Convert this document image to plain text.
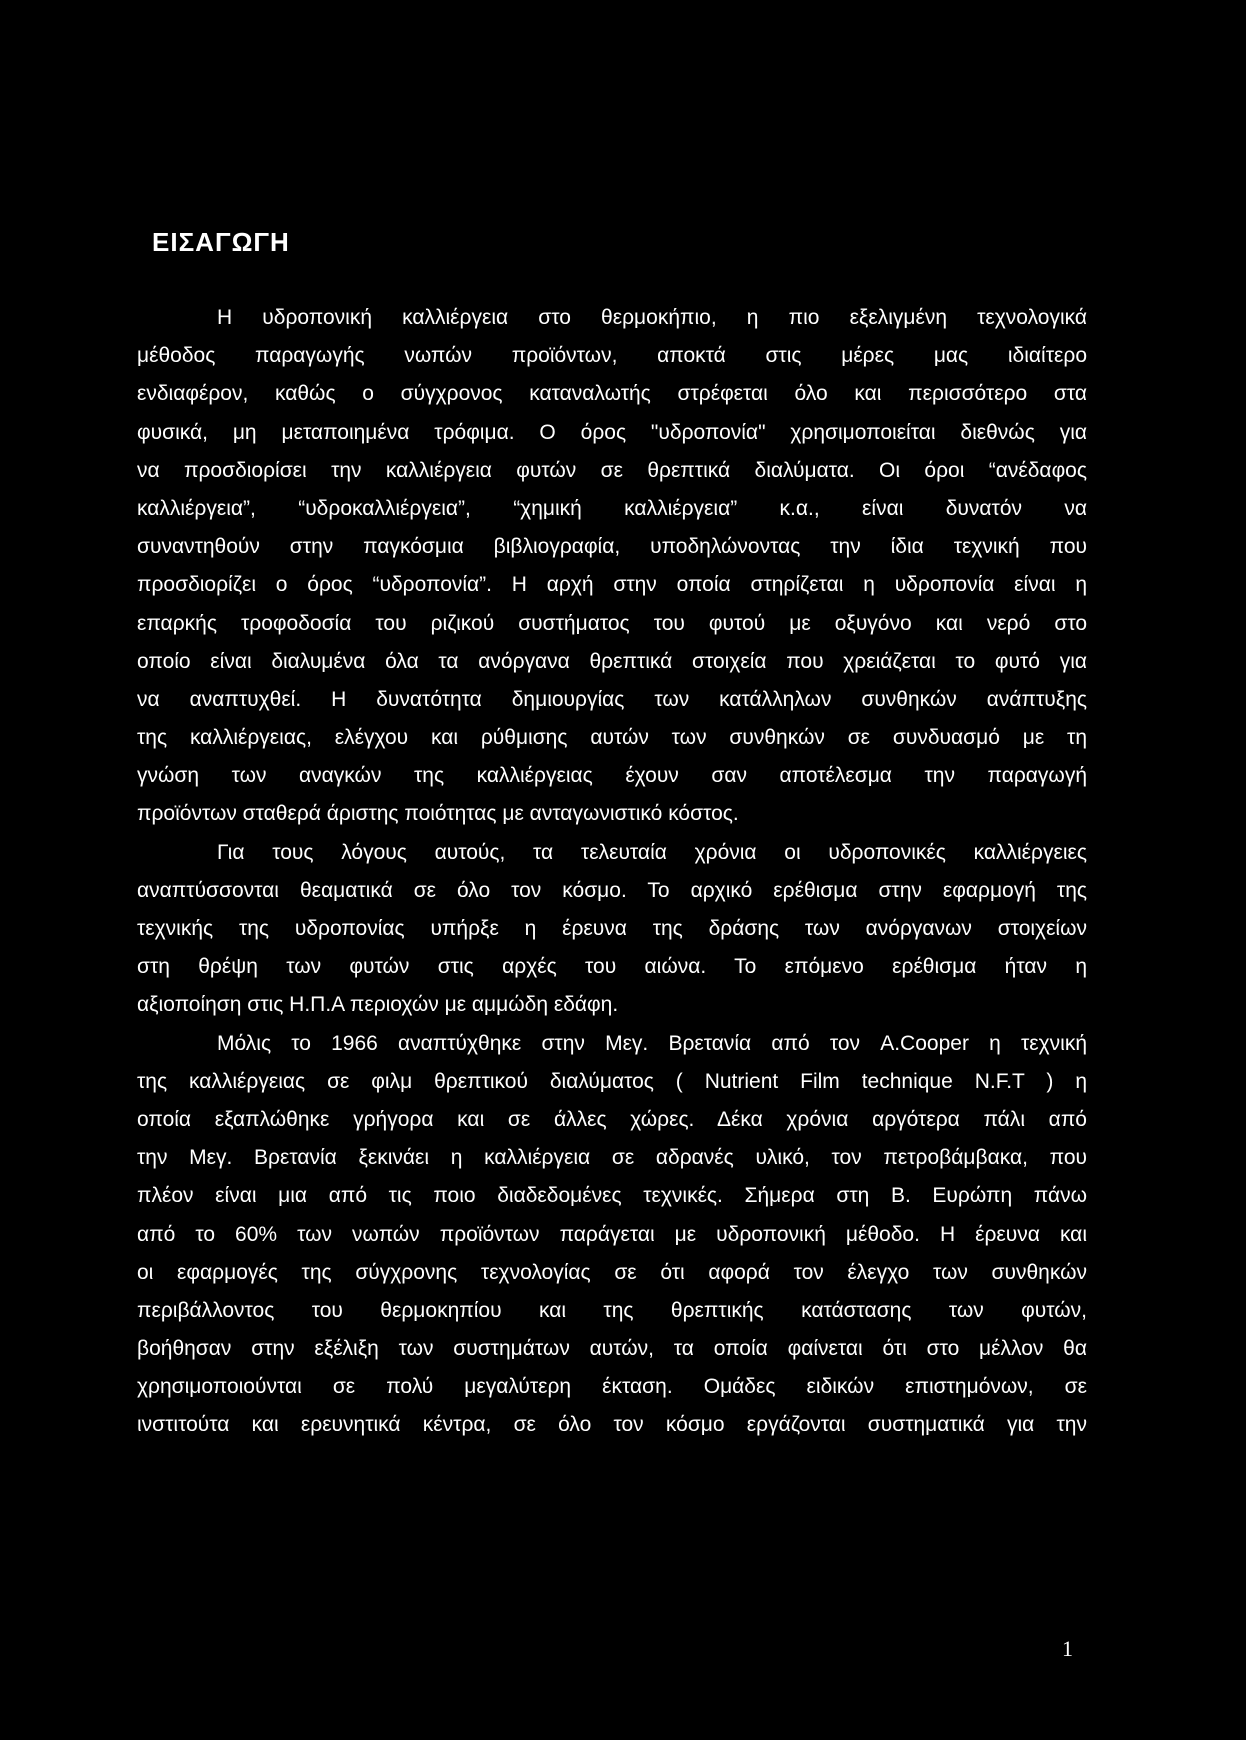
ΕΙΣΑΓΩΓΗ
Η υδροπονική καλλιέργεια στο θερμοκήπιο, η πιο εξελιγμένη τεχνολογικά
μέθοδος παραγωγής νωπών προϊόντων, αποκτά στις μέρες μας ιδιαίτερο
ενδιαφέρον, καθώς ο σύγχρονος καταναλωτής στρέφεται όλο και περισσότερο στα
φυσικά, μη μεταποιημένα τρόφιμα. Ο όρος "υδροπονία" χρησιμοποιείται διεθνώς για
να προσδιορίσει την καλλιέργεια φυτών σε θρεπτικά διαλύματα. Οι όροι “ανέδαφος
καλλιέργεια”, “υδροκαλλιέργεια”, “χημική καλλιέργεια” κ.α., είναι δυνατόν να
συναντηθούν στην παγκόσμια βιβλιογραφία, υποδηλώνοντας την ίδια τεχνική που
προσδιορίζει ο όρος “υδροπονία”. Η αρχή στην οποία στηρίζεται η υδροπονία είναι η
επαρκής τροφοδοσία του ριζικού συστήματος του φυτού με οξυγόνο και νερό στο
οποίο είναι διαλυμένα όλα τα ανόργανα θρεπτικά στοιχεία που χρειάζεται το φυτό για
να αναπτυχθεί. Η δυνατότητα δημιουργίας των κατάλληλων συνθηκών ανάπτυξης
της καλλιέργειας, ελέγχου και ρύθμισης αυτών των συνθηκών σε συνδυασμό με τη
γνώση των αναγκών της καλλιέργειας έχουν σαν αποτέλεσμα την παραγωγή
προϊόντων σταθερά άριστης ποιότητας με ανταγωνιστικό κόστος.
Για τους λόγους αυτούς, τα τελευταία χρόνια οι υδροπονικές καλλιέργειες
αναπτύσσονται θεαματικά σε όλο τον κόσμο. Το αρχικό ερέθισμα στην εφαρμογή της
τεχνικής της υδροπονίας υπήρξε η έρευνα της δράσης των ανόργανων στοιχείων
στη θρέψη των φυτών στις αρχές του αιώνα. Το επόμενο ερέθισμα ήταν η
αξιοποίηση στις Η.Π.Α περιοχών με αμμώδη εδάφη.
Μόλις το 1966 αναπτύχθηκε στην Μεγ. Βρετανία από τον A.Cooper η τεχνική
της καλλιέργειας σε φιλμ θρεπτικού διαλύματος ( Nutrient Film technique N.F.T ) η
οποία εξαπλώθηκε γρήγορα και σε άλλες χώρες. Δέκα χρόνια αργότερα πάλι από
την Μεγ. Βρετανία ξεκινάει η καλλιέργεια σε αδρανές υλικό, τον πετροβάμβακα, που
πλέον είναι μια από τις ποιο διαδεδομένες τεχνικές. Σήμερα στη Β. Ευρώπη πάνω
από το 60% των νωπών προϊόντων παράγεται με υδροπονική μέθοδο. Η έρευνα και
οι εφαρμογές της σύγχρονης τεχνολογίας σε ότι αφορά τον έλεγχο των συνθηκών
περιβάλλοντος του θερμοκηπίου και της θρεπτικής κατάστασης των φυτών,
βοήθησαν στην εξέλιξη των συστημάτων αυτών, τα οποία φαίνεται ότι στο μέλλον θα
χρησιμοποιούνται σε πολύ μεγαλύτερη έκταση. Ομάδες ειδικών επιστημόνων, σε
ινστιτούτα και ερευνητικά κέντρα, σε όλο τον κόσμο εργάζονται συστηματικά για την
1
